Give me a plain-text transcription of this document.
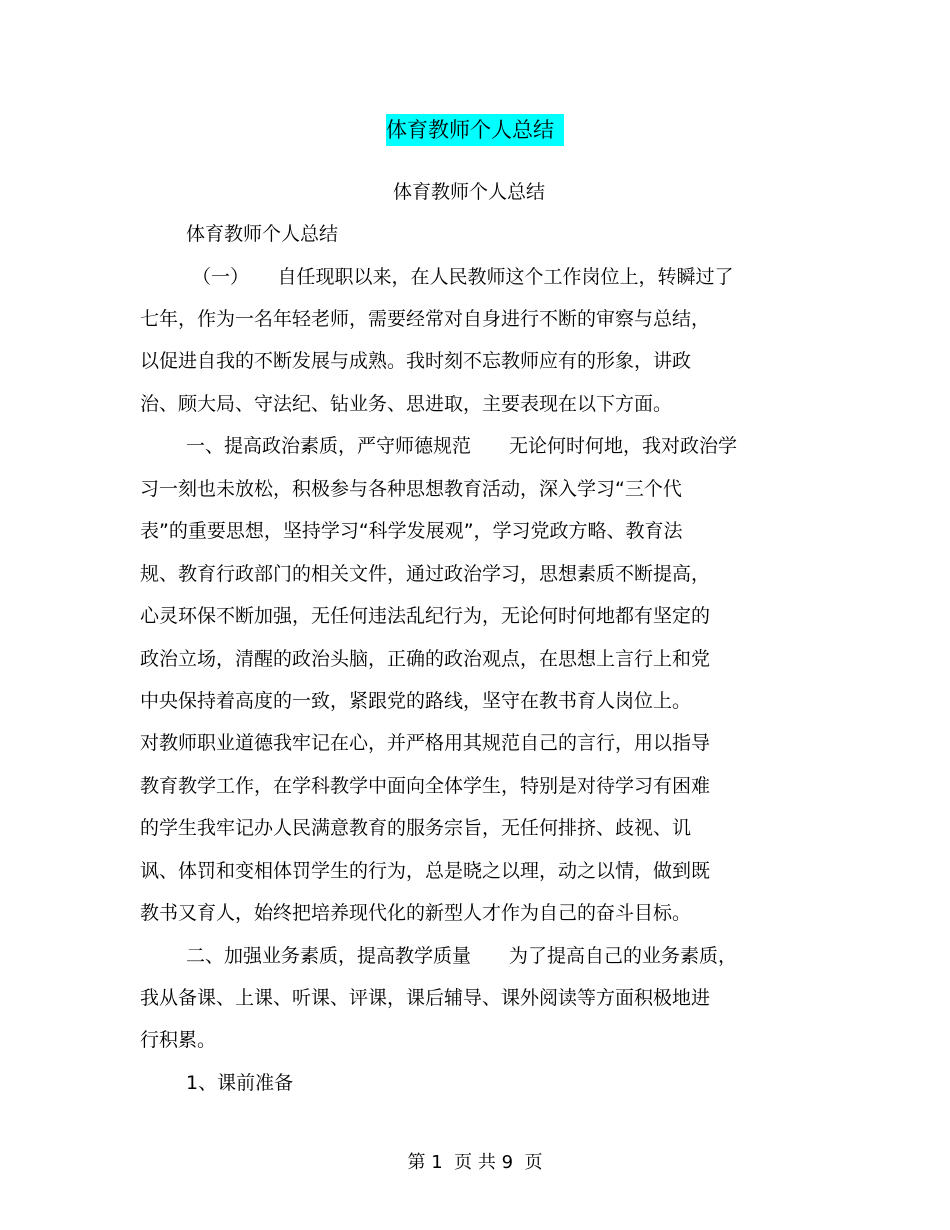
体育教师个人总结
体育教师个人总结
体育教师个人总结
（一）　　自任现职以来，在人民教师这个工作岗位上，转瞬过了
七年，作为一名年轻老师，需要经常对自身进行不断的审察与总结，
以促进自我的不断发展与成熟。我时刻不忘教师应有的形象，讲政
治、顾大局、守法纪、钻业务、思进取，主要表现在以下方面。
一、提高政治素质，严守师德规范　　无论何时何地，我对政治学
习一刻也未放松，积极参与各种思想教育活动，深入学习“三个代
表”的重要思想，坚持学习“科学发展观”，学习党政方略、教育法
规、教育行政部门的相关文件，通过政治学习，思想素质不断提高，
心灵环保不断加强，无任何违法乱纪行为，无论何时何地都有坚定的
政治立场，清醒的政治头脑，正确的政治观点，在思想上言行上和党
中央保持着高度的一致，紧跟党的路线，坚守在教书育人岗位上。
对教师职业道德我牢记在心，并严格用其规范自己的言行，用以指导
教育教学工作，在学科教学中面向全体学生，特别是对待学习有困难
的学生我牢记办人民满意教育的服务宗旨，无任何排挤、歧视、讥
讽、体罚和变相体罚学生的行为，总是晓之以理，动之以情，做到既
教书又育人，始终把培养现代化的新型人才作为自己的奋斗目标。
二、加强业务素质，提高教学质量　　为了提高自己的业务素质，
我从备课、上课、听课、评课，课后辅导、课外阅读等方面积极地进
行积累。
1、课前准备
第 1  页 共 9  页
